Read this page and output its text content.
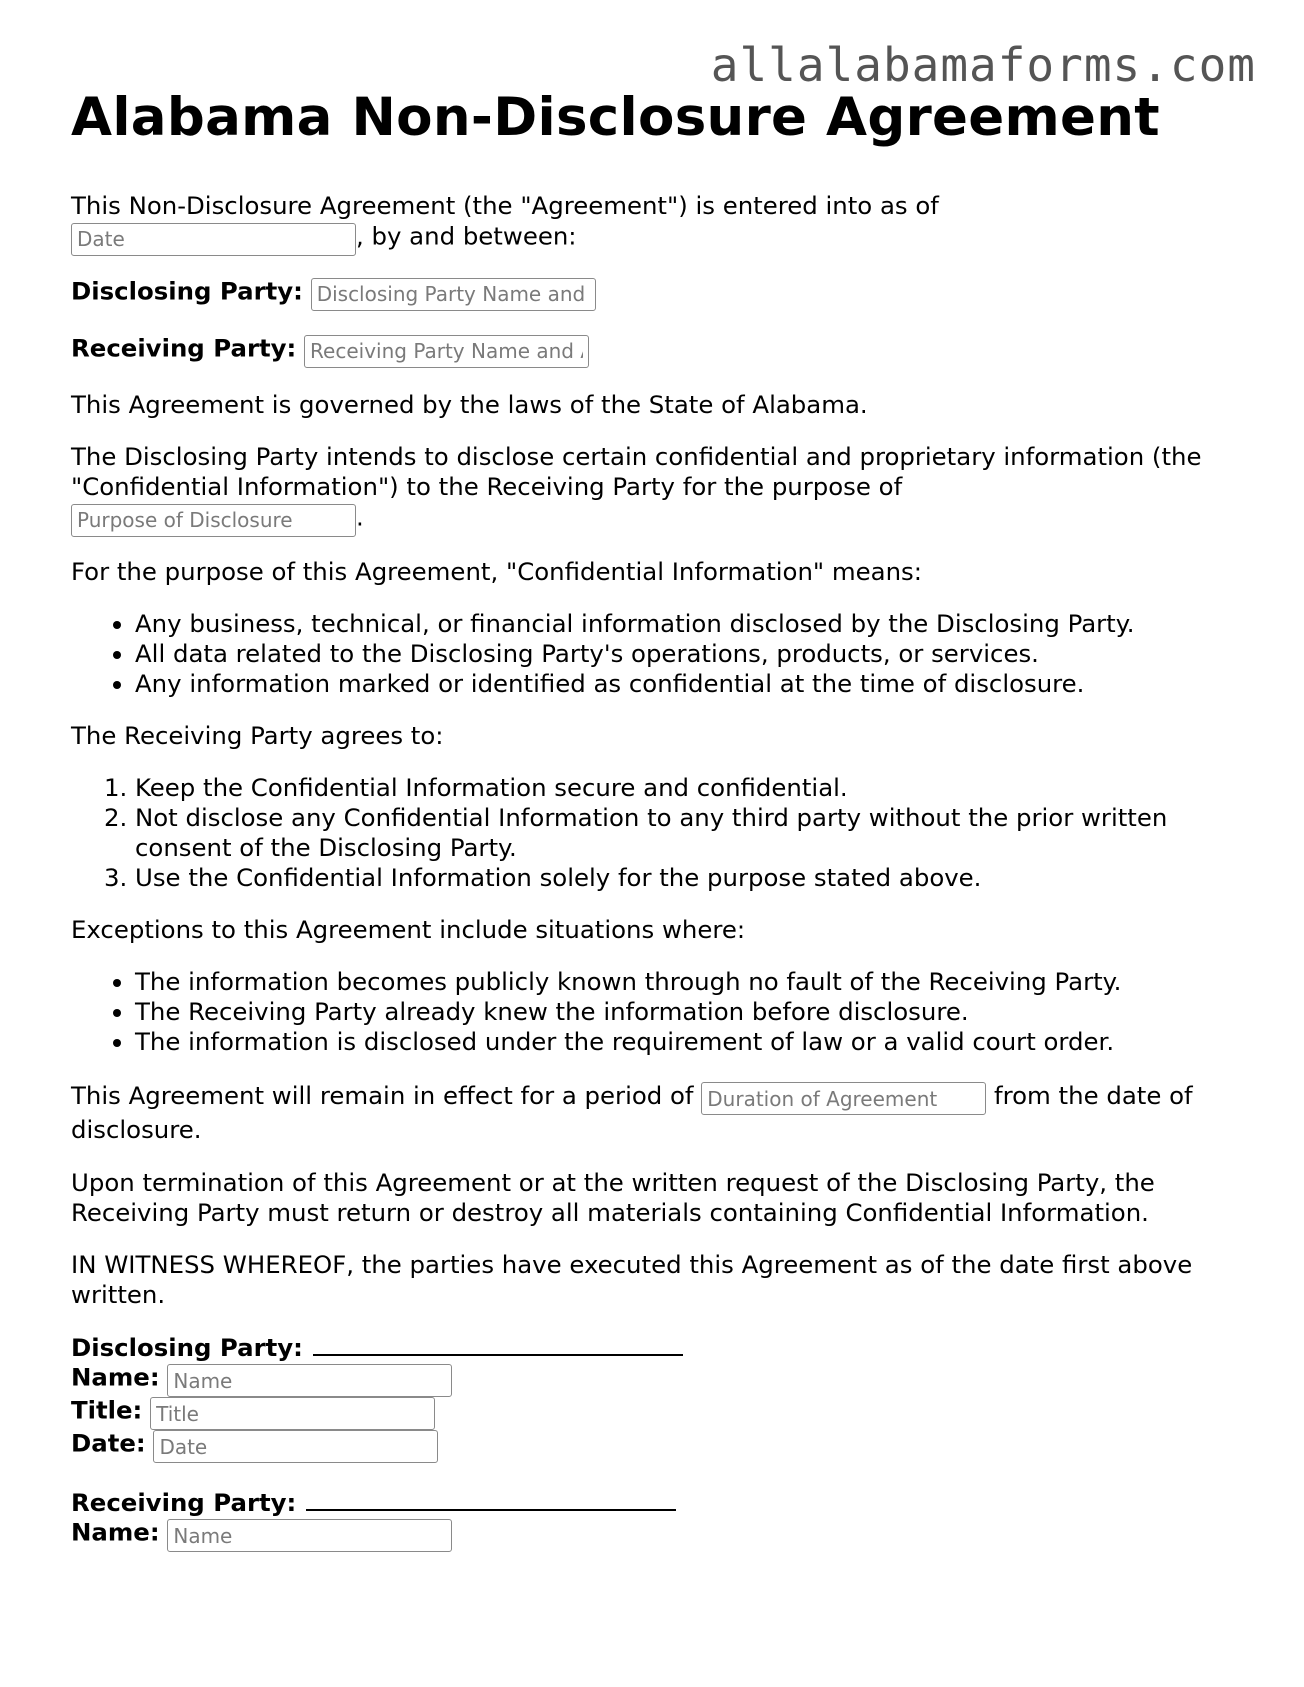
allalabamaforms.com
Alabama Non-Disclosure Agreement

This Non-Disclosure Agreement (the "Agreement") is entered into as of
Date, by and between:

Disclosing Party: Disclosing Party Name and Address

Receiving Party: Receiving Party Name and Address

This Agreement is governed by the laws of the State of Alabama.

The Disclosing Party intends to disclose certain confidential and proprietary information (the "Confidential Information") to the Receiving Party for the purpose of
Purpose of Disclosure.

For the purpose of this Agreement, "Confidential Information" means:

• Any business, technical, or financial information disclosed by the Disclosing Party.
• All data related to the Disclosing Party's operations, products, or services.
• Any information marked or identified as confidential at the time of disclosure.

The Receiving Party agrees to:

1. Keep the Confidential Information secure and confidential.
2. Not disclose any Confidential Information to any third party without the prior written consent of the Disclosing Party.
3. Use the Confidential Information solely for the purpose stated above.

Exceptions to this Agreement include situations where:

• The information becomes publicly known through no fault of the Receiving Party.
• The Receiving Party already knew the information before disclosure.
• The information is disclosed under the requirement of law or a valid court order.

This Agreement will remain in effect for a period of Duration of Agreement	from the date of disclosure.

Upon termination of this Agreement or at the written request of the Disclosing Party, the Receiving Party must return or destroy all materials containing Confidential Information.

IN WITNESS WHEREOF, the parties have executed this Agreement as of the date first above written.

Disclosing Party:
Name: Name
Title: Title
Date: Date
Receiving Party:
Name: Name
